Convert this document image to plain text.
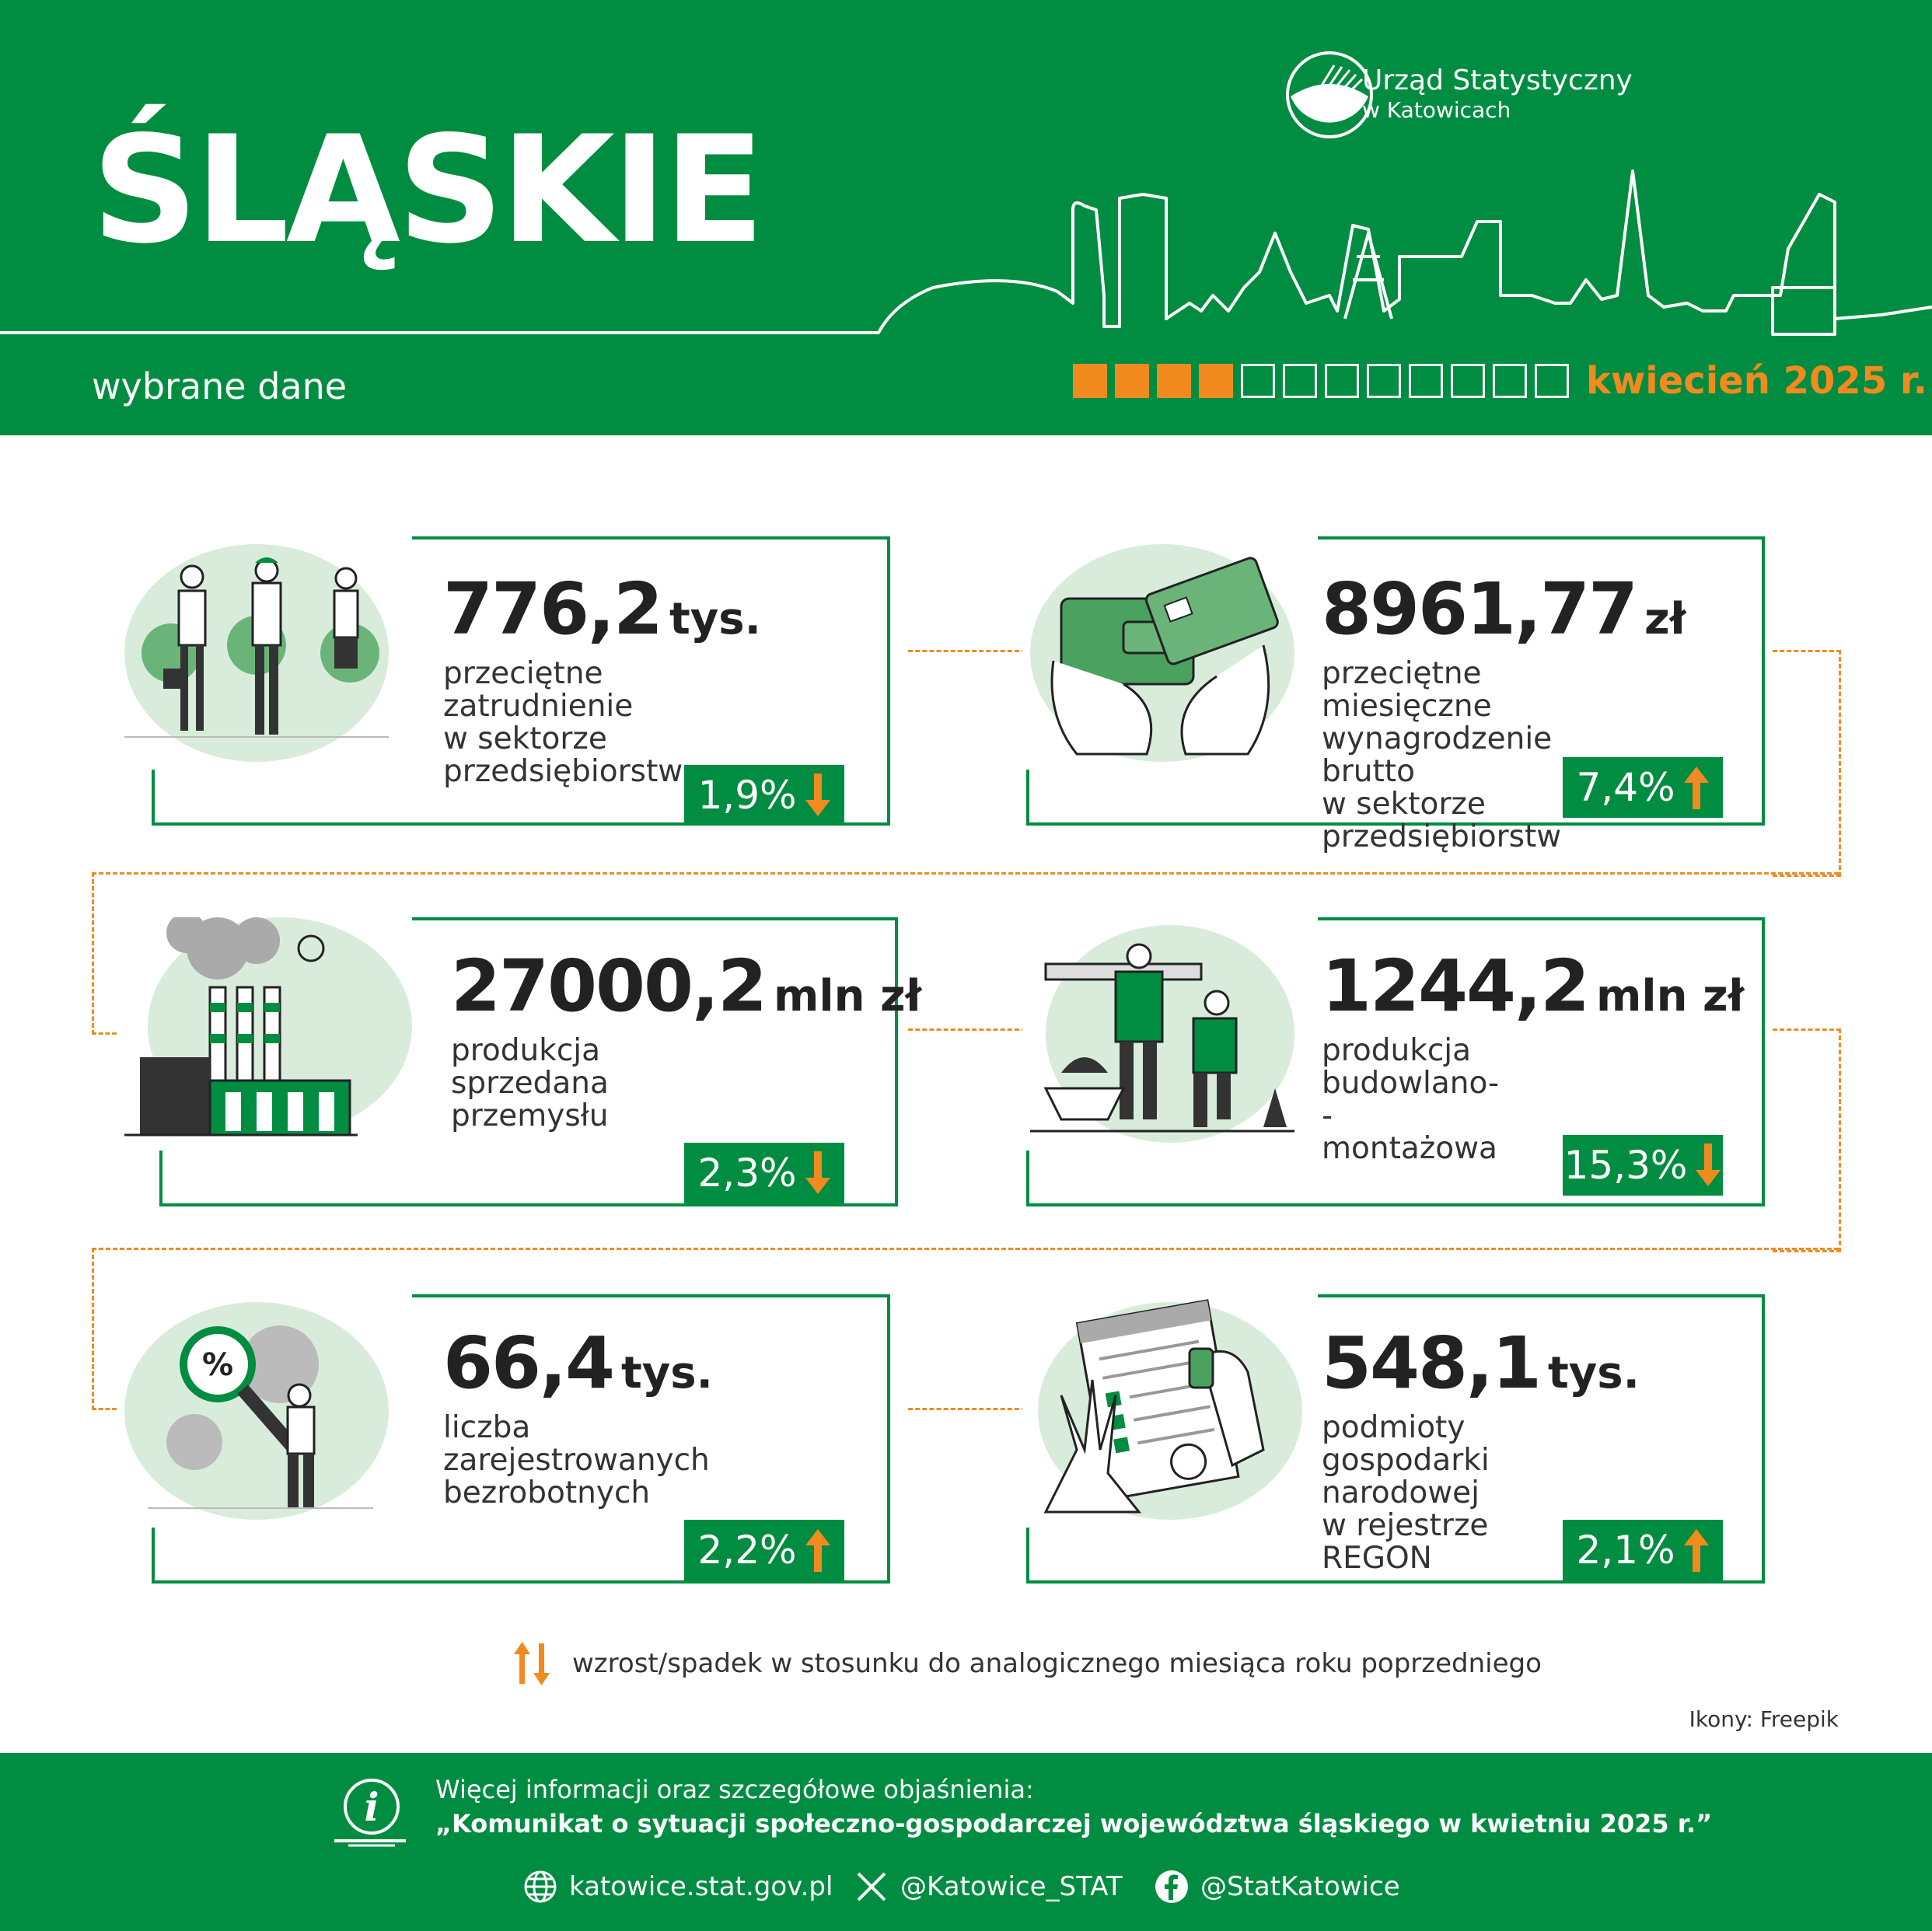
Urząd Statystyczny
w Katowicach
ŚLĄSKIE
wybrane dane	kwiecień 2025 r.
776,2 tys.
przeciętne zatrudnienie
w sektorze przedsiębiorstw
1,9%
8961,77 zł
przeciętne miesięczne
wynagrodzenie brutto
w sektorze przedsiębiorstw
7,4%
27000,2 mln zł
produkcja sprzedana
przemysłu
2,3%
1244,2 mln zł
produkcja budowlano-
-montażowa 15,3%
%	66,4 tys.
liczba zarejestrowanych
bezrobotnych
2,2%
548,1 tys.
podmioty gospodarki
narodowej w rejestrze
REGON	2,1%
wzrost/spadek w stosunku do analogicznego miesiąca roku poprzedniego
Ikony: Freepik
i Więcej informacji oraz szczegółowe objaśnienia:
„Komunikat o sytuacji społeczno-gospodarczej województwa śląskiego w kwietniu 2025 r.”
katowice.stat.gov.pl	@Katowice_STAT	@StatKatowice
